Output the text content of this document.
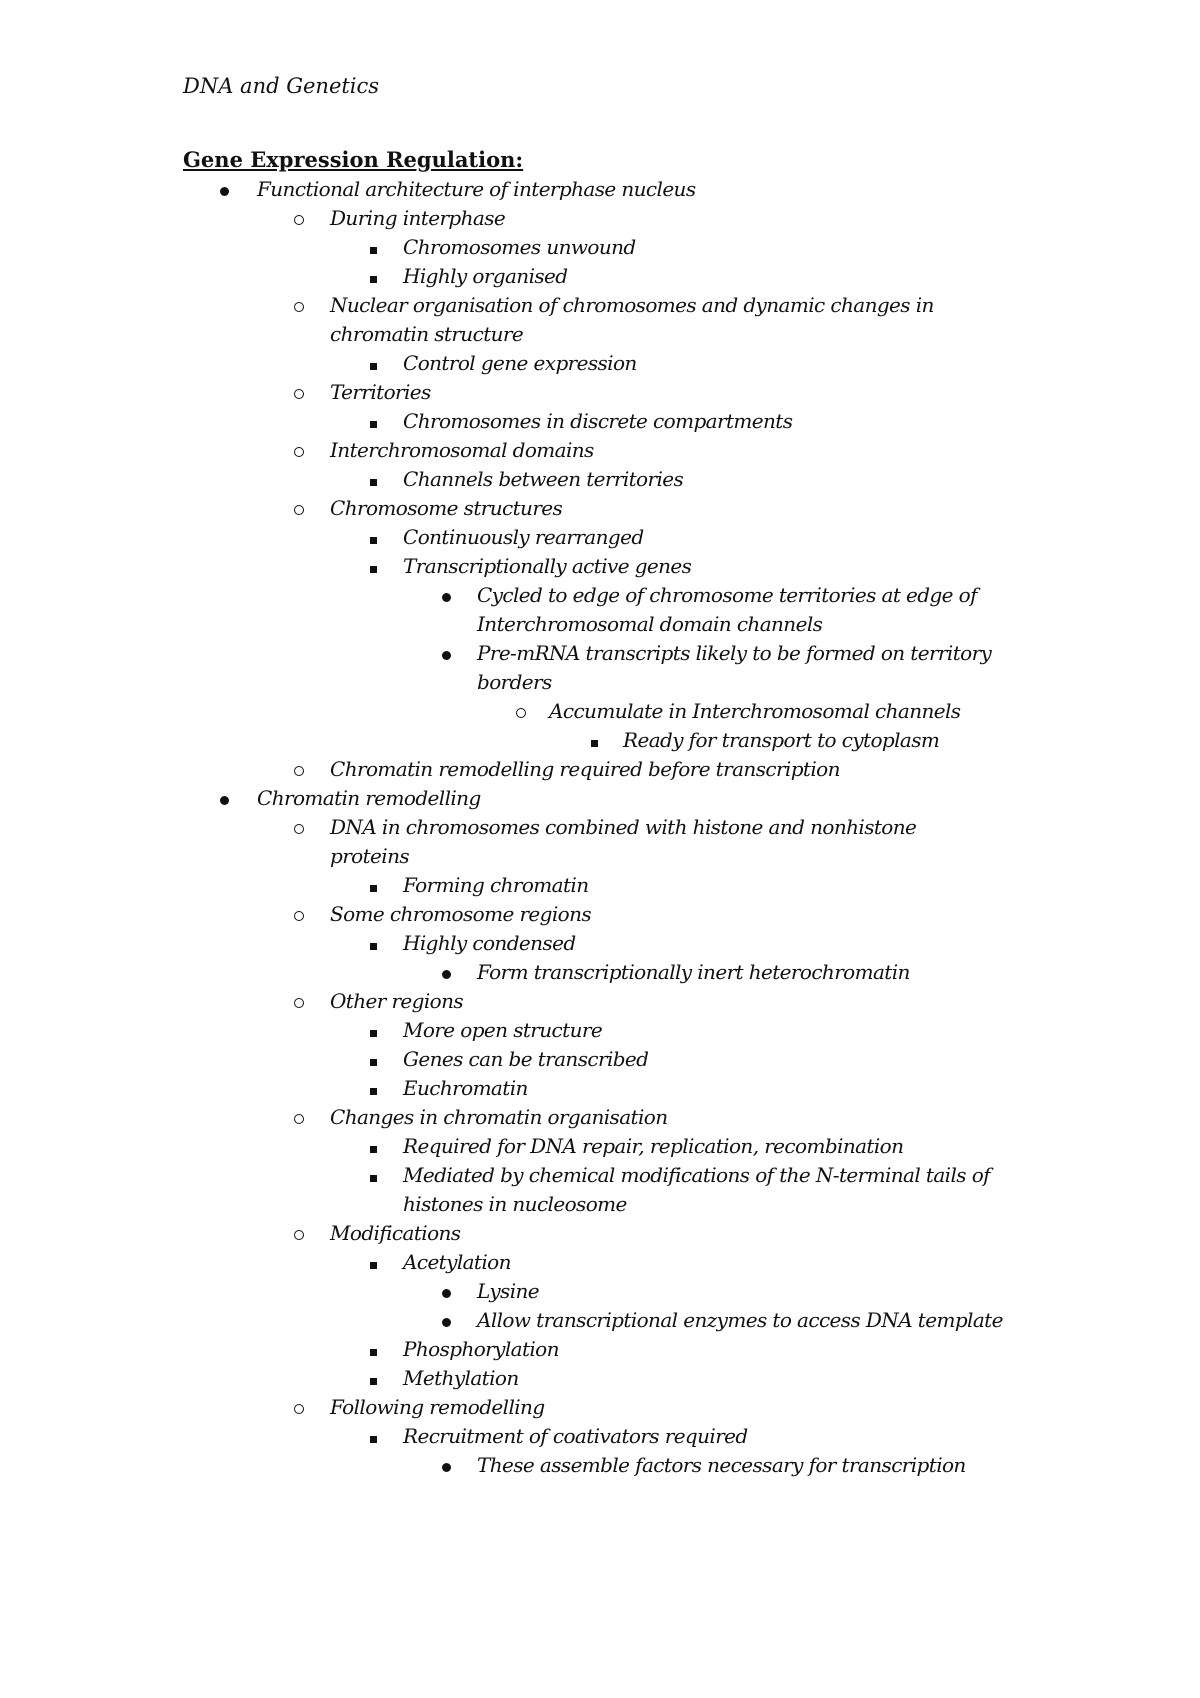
DNA and Genetics
Gene Expression Regulation:
Functional architecture of interphase nucleus
During interphase
Chromosomes unwound
Highly organised
Nuclear organisation of chromosomes and dynamic changes in chromatin structure
Control gene expression
Territories
Chromosomes in discrete compartments
Interchromosomal domains
Channels between territories
Chromosome structures
Continuously rearranged
Transcriptionally active genes
Cycled to edge of chromosome territories at edge of Interchromosomal domain channels
Pre-mRNA transcripts likely to be formed on territory borders
Accumulate in Interchromosomal channels
Ready for transport to cytoplasm
Chromatin remodelling required before transcription
Chromatin remodelling
DNA in chromosomes combined with histone and nonhistone proteins
Forming chromatin
Some chromosome regions
Highly condensed
Form transcriptionally inert heterochromatin
Other regions
More open structure
Genes can be transcribed
Euchromatin
Changes in chromatin organisation
Required for DNA repair, replication, recombination
Mediated by chemical modifications of the N-terminal tails of histones in nucleosome
Modifications
Acetylation
Lysine
Allow transcriptional enzymes to access DNA template
Phosphorylation
Methylation
Following remodelling
Recruitment of coativators required
These assemble factors necessary for transcription
